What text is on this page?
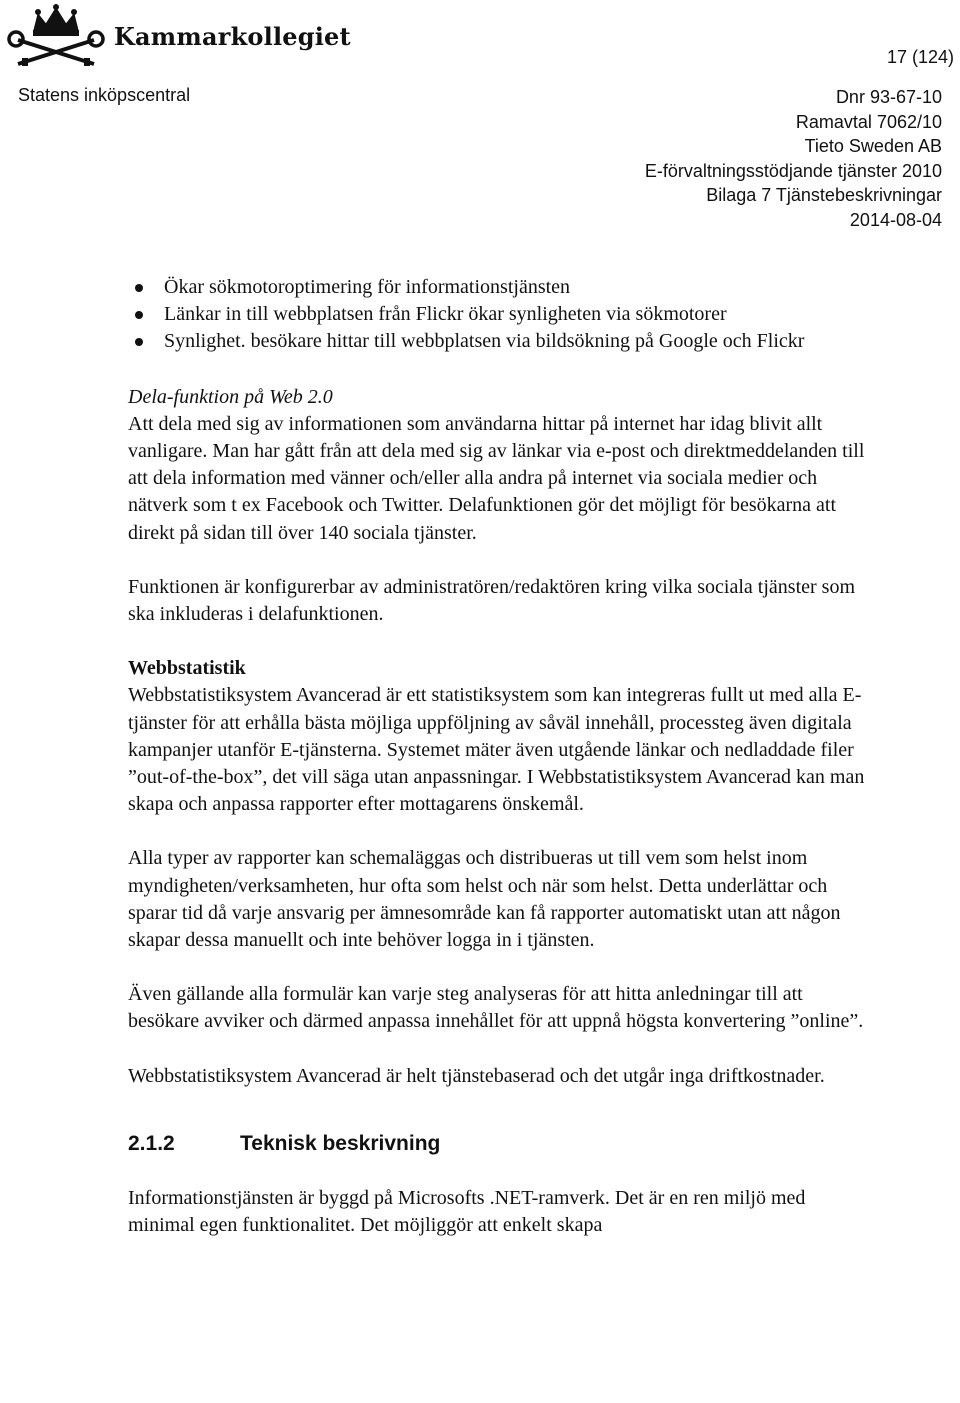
Kammarkollegiet
17 (124)
Statens inköpscentral	Dnr 93-67-10
Ramavtal 7062/10
Tieto Sweden AB
E-förvaltningsstödjande tjänster 2010
Bilaga 7 Tjänstebeskrivningar
2014-08-04
Ökar sökmotoroptimering för informationstjänsten
Länkar in till webbplatsen från Flickr ökar synligheten via sökmotorer
Synlighet. besökare hittar till webbplatsen via bildsökning på Google och Flickr

Dela-funktion på Web 2.0

Att dela med sig av informationen som användarna hittar på internet har idag blivit allt vanligare. Man har gått från att dela med sig av länkar via e-post och direktmeddelanden till att dela information med vänner och/eller alla andra på internet via sociala medier och nätverk som t ex Facebook och Twitter. Delafunktionen gör det möjligt för besökarna att direkt på sidan till över 140 sociala tjänster.

Funktionen är konfigurerbar av administratören/redaktören kring vilka sociala tjänster som ska inkluderas i delafunktionen.

Webbstatistik

Webbstatistiksystem Avancerad är ett statistiksystem som kan integreras fullt ut med alla E-tjänster för att erhålla bästa möjliga uppföljning av såväl innehåll, processteg även digitala kampanjer utanför E-tjänsterna. Systemet mäter även utgående länkar och nedladdade filer ”out-of-the-box”, det vill säga utan anpassningar. I Webbstatistiksystem Avancerad kan man skapa och anpassa rapporter efter mottagarens önskemål.

Alla typer av rapporter kan schemaläggas och distribueras ut till vem som helst inom myndigheten/verksamheten, hur ofta som helst och när som helst. Detta underlättar och sparar tid då varje ansvarig per ämnesområde kan få rapporter automatiskt utan att någon skapar dessa manuellt och inte behöver logga in i tjänsten.

Även gällande alla formulär kan varje steg analyseras för att hitta anledningar till att besökare avviker och därmed anpassa innehållet för att uppnå högsta konvertering ”online”.

Webbstatistiksystem Avancerad är helt tjänstebaserad och det utgår inga driftkostnader.

2.1.2	Teknisk beskrivning

Informationstjänsten är byggd på Microsofts .NET-ramverk. Det är en ren miljö med minimal egen funktionalitet. Det möjliggör att enkelt skapa
